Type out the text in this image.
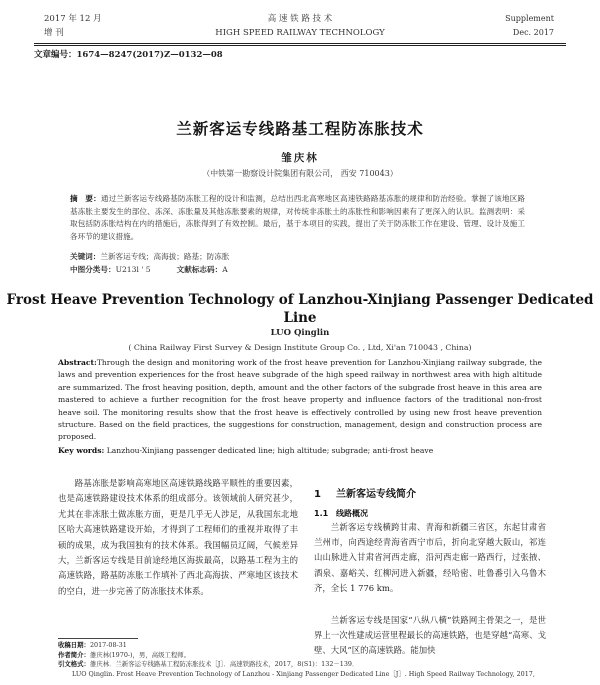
2017 年 12 月
增 刊
高 速 铁 路 技 术
HIGH SPEED RAILWAY TECHNOLOGY
Supplement
Dec. 2017
文章编号：1674—8247(2017)Z—0132—08
兰新客运专线路基工程防冻胀技术
雏庆林
（中铁第一勘察设计院集团有限公司， 西安 710043）
摘　要：通过兰新客运专线路基防冻胀工程的设计和监测，总结出西北高寒地区高速铁路路基冻胀的规律和防治经验。掌握了该地区路基冻胀主要发生的部位、冻深、冻胀量及其他冻胀要素的规律，对传统非冻胀土的冻胀性和影响因素有了更深入的认识。监测表明：采取包括防冻胀结构在内的措施后，冻胀得到了有效控制。最后，基于本项目的实践，提出了关于防冻胀工作在建设、管理、设计及施工各环节的建议措施。
关键词：兰新客运专线；高海拔；路基；防冻胀
中图分类号：U213l ' 5	文献标志码：A
Frost Heave Prevention Technology of Lanzhou-Xinjiang Passenger Dedicated Line
LUO Qinglin
( China Railway First Survey & Design Institute Group Co. , Ltd, Xi'an 710043 , China)
Abstract:Through the design and monitoring work of the frost heave prevention for Lanzhou-Xinjiang railway subgrade, the laws and prevention experiences for the frost heave subgrade of the high speed railway in northwest area with high altitude are summarized. The frost heaving position, depth, amount and the other factors of the subgrade frost heave in this area are mastered to achieve a further recognition for the frost heave property and influence factors of the traditional non-frost heave soil. The monitoring results show that the frost heave is effectively controlled by using new frost heave prevention structure. Based on the field practices, the suggestions for construction, management, design and construction process are proposed.
Key words: Lanzhou-Xinjiang passenger dedicated line; high altitude; subgrade; anti-frost heave
路基冻胀是影响高寒地区高速铁路线路平顺性的重要因素，也是高速铁路建设技术体系的组成部分。该领域前人研究甚少，尤其在非冻胀土做冻胀方面，更是几乎无人涉足，从我国东北地区哈大高速铁路建设开始，才得到了工程师们的重视并取得了丰硕的成果，成为我国独有的技术体系。我国幅员辽阔，气候差异大，兰新客运专线是目前途经地区海拔最高，以路基工程为主的高速铁路，路基防冻胀工作填补了西北高海拔、严寒地区该技术的空白，进一步完善了防冻胀技术体系。
1 兰新客运专线简介
1.1 线路概况
兰新客运专线横跨甘肃、青海和新疆三省区，东起甘肃省兰州市，向西途经青海省西宁市后，折向北穿越大阪山，祁连山山脉进入甘肃省河西走廊，沿河西走廊一路西行，过张掖、酒泉、嘉峪关、红柳河进入新疆，经哈密、吐鲁番引入乌鲁木齐，全长 1 776 km。
兰新客运专线是国家“八纵八横”铁路网主骨架之一，是世界上一次性建成运营里程最长的高速铁路，也是穿越“高寒、戈壁、大风”区的高速铁路。能加快
收稿日期：2017-08-31
作者简介：雒庆林(1970-)，男，高级工程师。
引文格式：雒庆林．兰新客运专线路基工程防冻胀技术［J］．高速铁路技术，2017，8(S1)：132－139．
LUO Qinglin. Frost Heave Prevention Technology of Lanzhou - Xinjiang Passenger Dedicated Line［J］. High Speed Railway Technology, 2017,
